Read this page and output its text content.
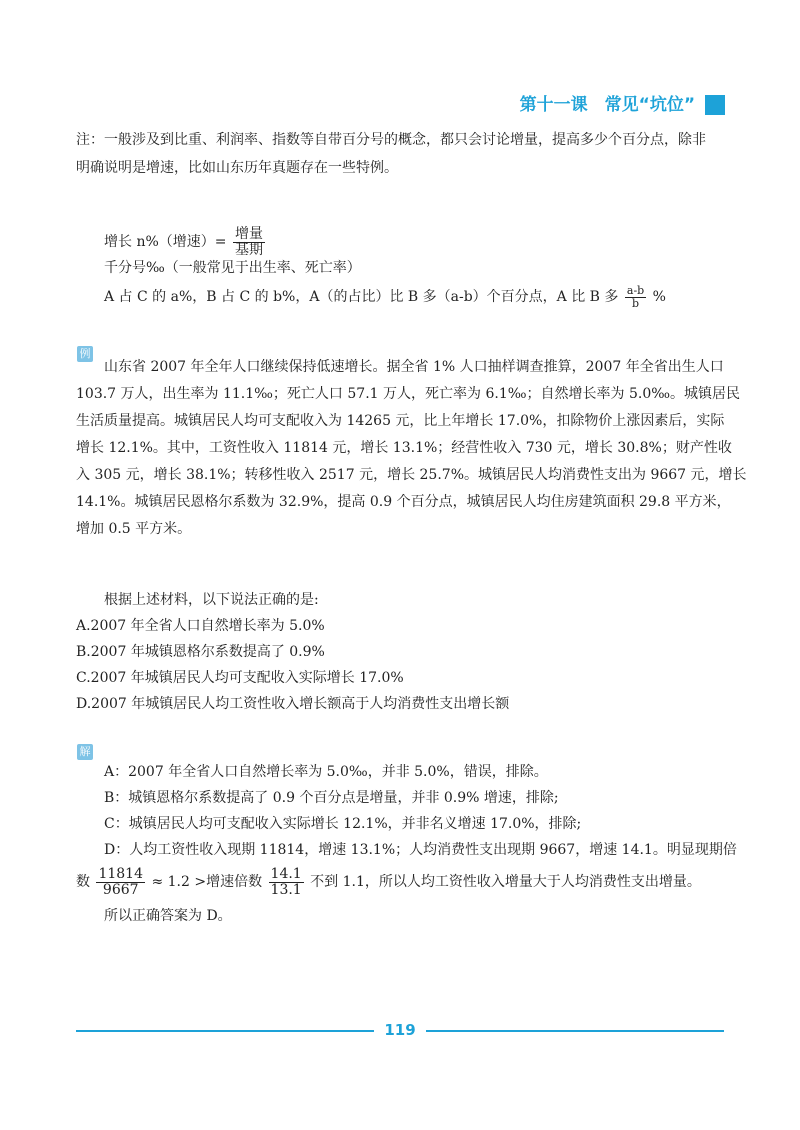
第十一课　常见“坑位”
注：一般涉及到比重、利润率、指数等自带百分号的概念，都只会讨论增量，提高多少个百分点，除非
明确说明是增速，比如山东历年真题存在一些特例。
增长 n%（增速）= $\frac{\text{增量}}{\text{基期}}$
千分号‰（一般常见于出生率、死亡率）
A 占 C 的 a%，B 占 C 的 b%，A（的占比）比 B 多（a-b）个百分点，A 比 B 多 $\frac{a-b}{b}$ %
例
山东省 2007 年全年人口继续保持低速增长。据全省 1% 人口抽样调查推算，2007 年全省出生人口
103.7 万人，出生率为 11.1‰；死亡人口 57.1 万人，死亡率为 6.1‰；自然增长率为 5.0‰。城镇居民
生活质量提高。城镇居民人均可支配收入为 14265 元，比上年增长 17.0%，扣除物价上涨因素后，实际
增长 12.1%。其中，工资性收入 11814 元，增长 13.1%；经营性收入 730 元，增长 30.8%；财产性收
入 305 元，增长 38.1%；转移性收入 2517 元，增长 25.7%。城镇居民人均消费性支出为 9667 元，增长
14.1%。城镇居民恩格尔系数为 32.9%，提高 0.9 个百分点，城镇居民人均住房建筑面积 29.8 平方米，
增加 0.5 平方米。
根据上述材料，以下说法正确的是:
A.2007 年全省人口自然增长率为 5.0%
B.2007 年城镇恩格尔系数提高了 0.9%
C.2007 年城镇居民人均可支配收入实际增长 17.0%
D.2007 年城镇居民人均工资性收入增长额高于人均消费性支出增长额
解
A：2007 年全省人口自然增长率为 5.0‰，并非 5.0%，错误，排除。
B：城镇恩格尔系数提高了 0.9 个百分点是增量，并非 0.9% 增速，排除;
C：城镇居民人均可支配收入实际增长 12.1%，并非名义增速 17.0%，排除;
D：人均工资性收入现期 11814，增速 13.1%；人均消费性支出现期 9667，增速 14.1。明显现期倍
数 $\frac{11814}{9667} \approx 1.2$ >增速倍数 $\frac{14.1}{13.1}$ 不到 1.1，所以人均工资性收入增量大于人均消费性支出增量。
所以正确答案为 D。
119
